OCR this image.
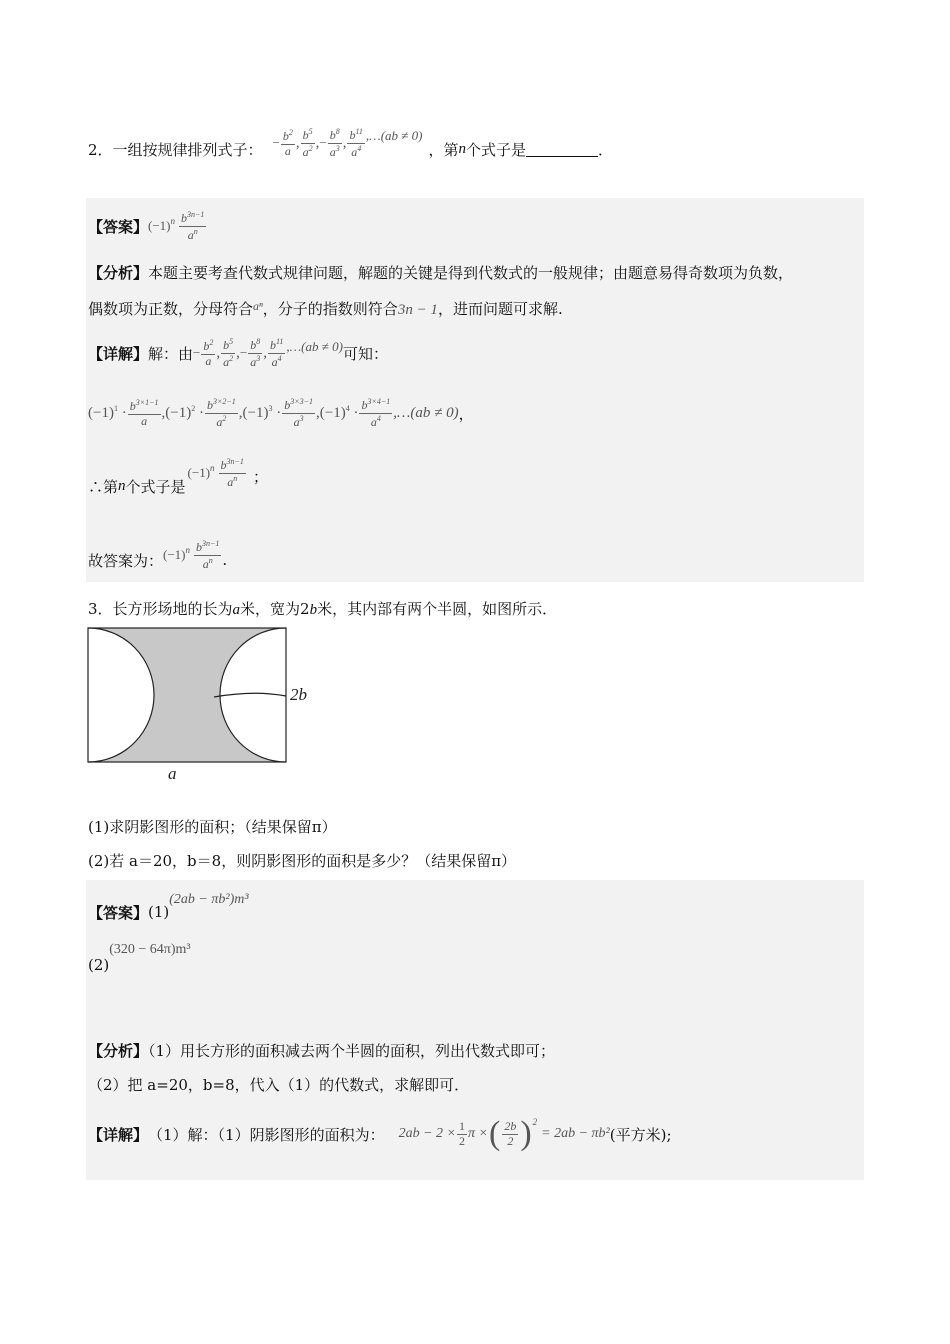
2．一组按规律排列式子： − $\frac{b^2}{a}$ , $\frac{b^5}{a^2}$ , − $\frac{b^8}{a^3}$ , $\frac{b^{11}}{a^4}$ ,…(ab ≠ 0)
，第 n 个式子是	．
【答案】 (−1) n $\frac{b^{3n-1}}{a^n}$
【分析】本题主要考查代数式规律问题，解题的关键是得到代数式的一般规律；由题意易得奇数项为负数，
偶数项为正数，分母符合$^{a^n}$，分子的指数则符合3n − 1，进而问题可求解.
【详解】 解：由 − $\frac{b^2}{a}$ , $\frac{b^5}{a^2}$ , − $\frac{b^8}{a^3}$ , $\frac{b^{11}}{a^4}$ ,…(ab ≠ 0) 可知：
$(-1)^1 \cdot \frac{b^{3\times 1-1}}{a}$ , $(-1)^2 \cdot \frac{b^{3\times 2-1}}{a^2}$ , $(-1)^3 \cdot \frac{b^{3\times 3-1}}{a^3}$ , $(-1)^4 \cdot \frac{b^{3\times 4-1}}{a^4}$ ,…(ab ≠ 0) ，
∴第 n 个式子是
(−1) n $\frac{b^{3n-1}}{a^n}$ ；
故答案为： (−1) n $\frac{b^{3n-1}}{a^n}$ .
3．长方形场地的长为a米，宽为2b米，其内部有两个半圆，如图所示．
2b
a
(1)求阴影图形的面积；（结果保留π）
(2)若 a＝20，b＝8，则阴影图形的面积是多少？（结果保留π）
【答案】 (1)
(2ab − πb²)m³
(2)
(320 − 64π)m³
【分析】（1）用长方形的面积减去两个半圆的面积，列出代数式即可；
（2）把 a=20，b=8，代入（1）的代数式，求解即可．
【详解】 （1）解：（1）阴影图形的面积为： $2ab - 2 \times \frac{1}{2}$ π × ( $\frac{2b}{2}$ ) 2
= 2ab − πb² (平方米);
